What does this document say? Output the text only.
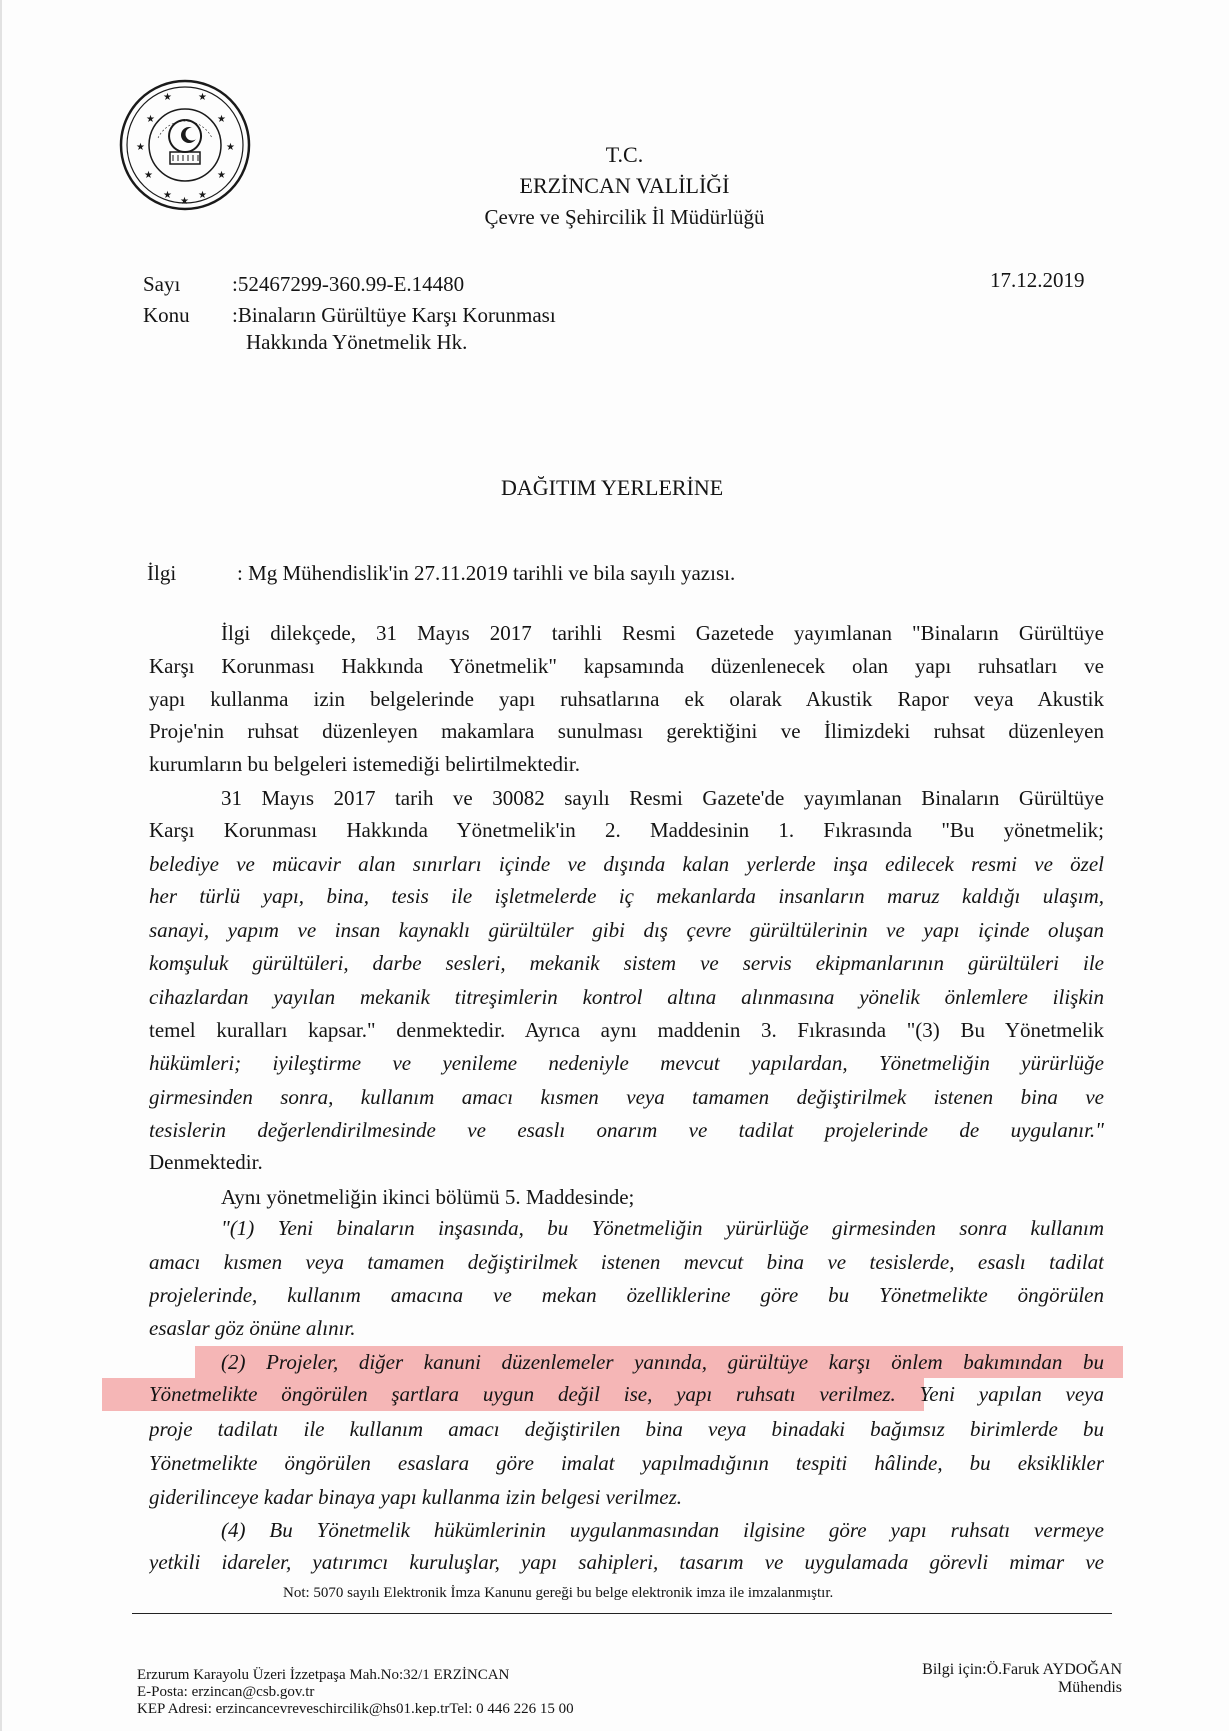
★
★
★
★
★
★
★
★
★
★
★
T.C.
ERZİNCAN VALİLİĞİ
Çevre ve Şehircilik İl Müdürlüğü
Sayı :52467299-360.99-E.14480	17.12.2019
Konu :Binaların Gürültüye Karşı Korunması
Hakkında Yönetmelik Hk.
DAĞITIM YERLERİNE
İlgi	: Mg Mühendislik'in 27.11.2019 tarihli ve bila sayılı yazısı.
İlgi dilekçede, 31 Mayıs 2017 tarihli Resmi Gazetede yayımlanan "Binaların Gürültüye
Karşı Korunması Hakkında Yönetmelik" kapsamında düzenlenecek olan yapı ruhsatları ve
yapı kullanma izin belgelerinde yapı ruhsatlarına ek olarak Akustik Rapor veya Akustik
Proje'nin ruhsat düzenleyen makamlara sunulması gerektiğini ve İlimizdeki ruhsat düzenleyen
kurumların bu belgeleri istemediği belirtilmektedir.
31 Mayıs 2017 tarih ve 30082 sayılı Resmi Gazete'de yayımlanan Binaların Gürültüye
Karşı Korunması Hakkında Yönetmelik'in 2. Maddesinin 1. Fıkrasında "Bu yönetmelik;
belediye ve mücavir alan sınırları içinde ve dışında kalan yerlerde inşa edilecek resmi ve özel
her türlü yapı, bina, tesis ile işletmelerde iç mekanlarda insanların maruz kaldığı ulaşım,
sanayi, yapım ve insan kaynaklı gürültüler gibi dış çevre gürültülerinin ve yapı içinde oluşan
komşuluk gürültüleri, darbe sesleri, mekanik sistem ve servis ekipmanlarının gürültüleri ile
cihazlardan yayılan mekanik titreşimlerin kontrol altına alınmasına yönelik önlemlere ilişkin
temel kuralları kapsar." denmektedir. Ayrıca aynı maddenin 3. Fıkrasında "(3) Bu Yönetmelik
hükümleri; iyileştirme ve yenileme nedeniyle mevcut yapılardan, Yönetmeliğin yürürlüğe
girmesinden sonra, kullanım amacı kısmen veya tamamen değiştirilmek istenen bina ve
tesislerin değerlendirilmesinde ve esaslı onarım ve tadilat projelerinde de uygulanır."
Denmektedir.
Aynı yönetmeliğin ikinci bölümü 5. Maddesinde;
"(1) Yeni binaların inşasında, bu Yönetmeliğin yürürlüğe girmesinden sonra kullanım
amacı kısmen veya tamamen değiştirilmek istenen mevcut bina ve tesislerde, esaslı tadilat
projelerinde, kullanım amacına ve mekan özelliklerine göre bu Yönetmelikte öngörülen
esaslar göz önüne alınır.
(2) Projeler, diğer kanuni düzenlemeler yanında, gürültüye karşı önlem bakımından bu
Yönetmelikte öngörülen şartlara uygun değil ise, yapı ruhsatı verilmez. Yeni yapılan veya
proje tadilatı ile kullanım amacı değiştirilen bina veya binadaki bağımsız birimlerde bu
Yönetmelikte öngörülen esaslara göre imalat yapılmadığının tespiti hâlinde, bu eksiklikler
giderilinceye kadar binaya yapı kullanma izin belgesi verilmez.
(4) Bu Yönetmelik hükümlerinin uygulanmasından ilgisine göre yapı ruhsatı vermeye
yetkili idareler, yatırımcı kuruluşlar, yapı sahipleri, tasarım ve uygulamada görevli mimar ve
Not: 5070 sayılı Elektronik İmza Kanunu gereği bu belge elektronik imza ile imzalanmıştır.
Erzurum Karayolu Üzeri İzzetpaşa Mah.No:32/1 ERZİNCAN
E-Posta: erzincan@csb.gov.tr
KEP Adresi: erzincancevreveschircilik@hs01.kep.trTel: 0 446 226 15 00
Bilgi için:Ö.Faruk AYDOĞAN
Mühendis
